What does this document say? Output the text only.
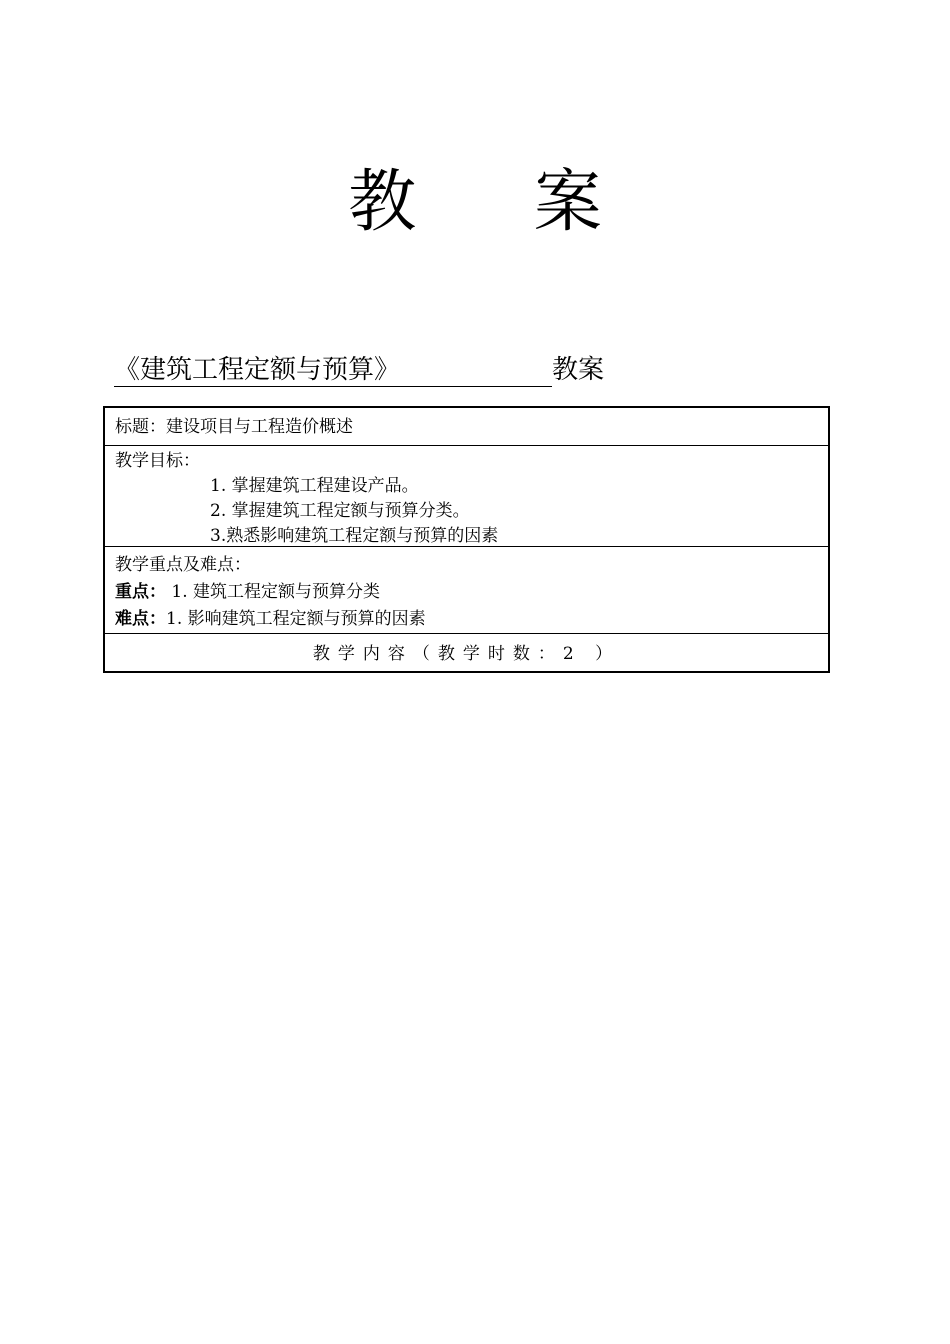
教 案
《建筑工程定额与预算》	教案
标题：建设项目与工程造价概述
教学目标：
1. 掌握建筑工程建设产品。
2. 掌握建筑工程定额与预算分类。
3.熟悉影响建筑工程定额与预算的因素
教学重点及难点：
重点： 1. 建筑工程定额与预算分类
难点：1. 影响建筑工程定额与预算的因素
教学内容（教学时数：2 ）
